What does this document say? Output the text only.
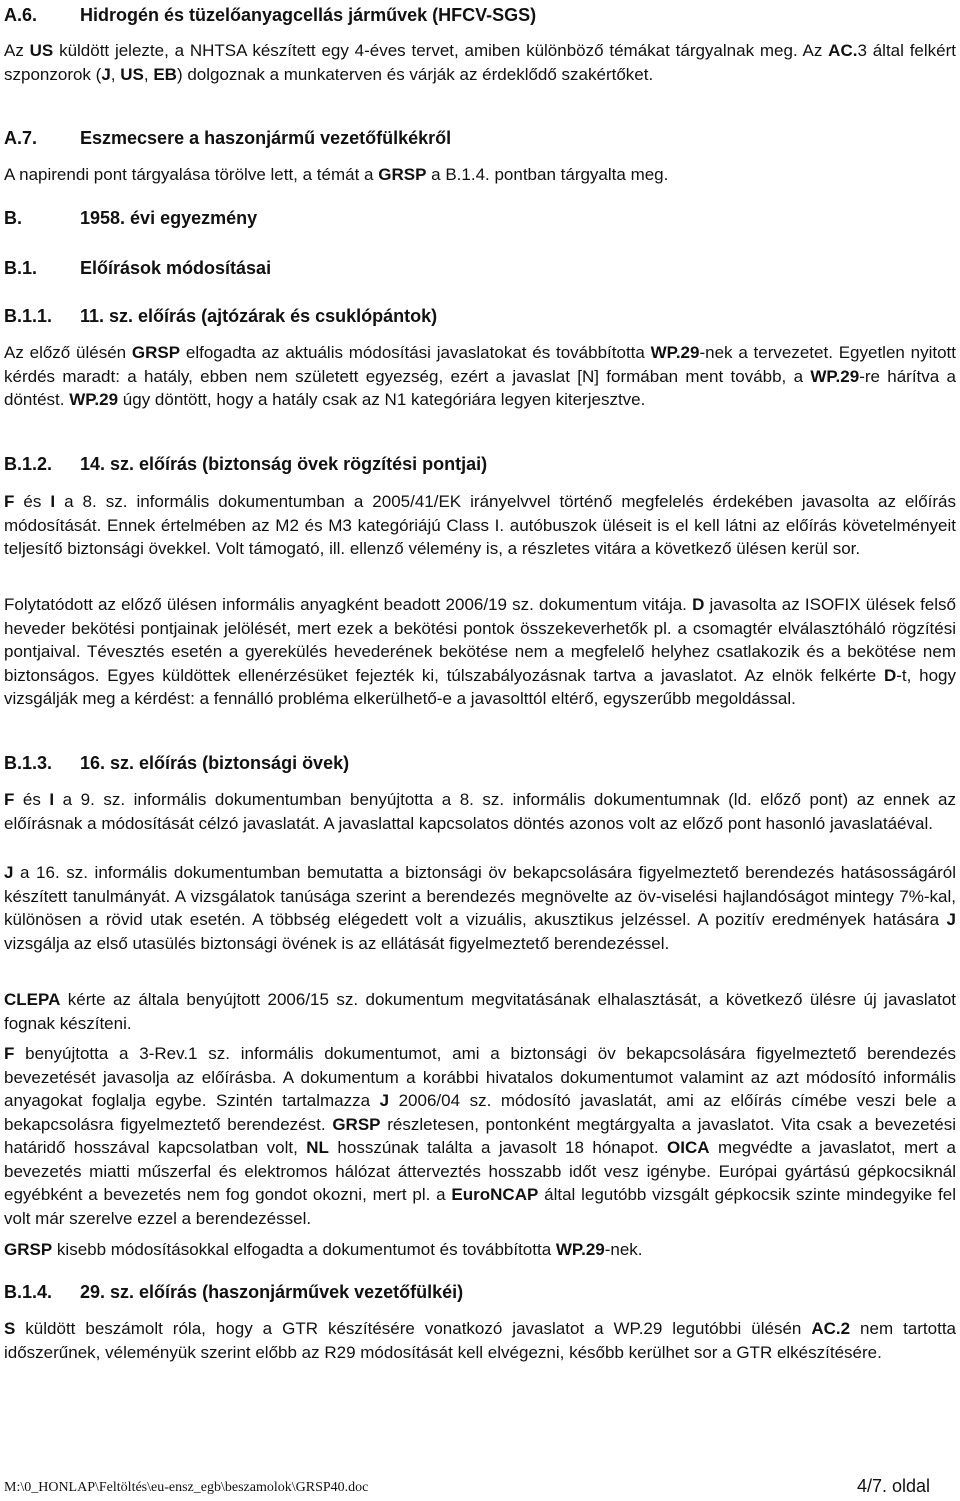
A.6. Hidrogén és tüzelőanyagcellás járművek (HFCV-SGS)
Az US küldött jelezte, a NHTSA készített egy 4-éves tervet, amiben különböző témákat tárgyalnak meg. Az AC.3 által felkért szponzorok (J, US, EB) dolgoznak a munkaterven és várják az érdeklődő szakértőket.
A.7. Eszmecsere a haszonjármű vezetőfülkékről
A napirendi pont tárgyalása törölve lett, a témát a GRSP a B.1.4. pontban tárgyalta meg.
B.	1958. évi egyezmény
B.1. Előírások módosításai
B.1.1. 11. sz. előírás (ajtózárak és csuklópántok)
Az előző ülésén GRSP elfogadta az aktuális módosítási javaslatokat és továbbította WP.29-nek a tervezetet. Egyetlen nyitott kérdés maradt: a hatály, ebben nem született egyezség, ezért a javaslat [N] formában ment tovább, a WP.29-re hárítva a döntést. WP.29 úgy döntött, hogy a hatály csak az N1 kategóriára legyen kiterjesztve.
B.1.2. 14. sz. előírás (biztonság övek rögzítési pontjai)
F és I a 8. sz. informális dokumentumban a 2005/41/EK irányelvvel történő megfelelés érdekében javasolta az előírás módosítását. Ennek értelmében az M2 és M3 kategóriájú Class I. autóbuszok üléseit is el kell látni az előírás követelményeit teljesítő biztonsági övekkel. Volt támogató, ill. ellenző vélemény is, a részletes vitára a következő ülésen kerül sor.
Folytatódott az előző ülésen informális anyagként beadott 2006/19 sz. dokumentum vitája. D javasolta az ISOFIX ülések felső heveder bekötési pontjainak jelölését, mert ezek a bekötési pontok összekeverhetők pl. a csomagtér elválasztóháló rögzítési pontjaival. Tévesztés esetén a gyerekülés hevederének bekötése nem a megfelelő helyhez csatlakozik és a bekötése nem biztonságos. Egyes küldöttek ellenérzésüket fejezték ki, túlszabályozásnak tartva a javaslatot. Az elnök felkérte D-t, hogy vizsgálják meg a kérdést: a fennálló probléma elkerülhető-e a javasolttól eltérő, egyszerűbb megoldással.
B.1.3. 16. sz. előírás (biztonsági övek)
F és I a 9. sz. informális dokumentumban benyújtotta a 8. sz. informális dokumentumnak (ld. előző pont) az ennek az előírásnak a módosítását célzó javaslatát. A javaslattal kapcsolatos döntés azonos volt az előző pont hasonló javaslatáéval.
J a 16. sz. informális dokumentumban bemutatta a biztonsági öv bekapcsolására figyelmeztető berendezés hatásosságáról készített tanulmányát. A vizsgálatok tanúsága szerint a berendezés megnövelte az öv-viselési hajlandóságot mintegy 7%-kal, különösen a rövid utak esetén. A többség elégedett volt a vizuális, akusztikus jelzéssel. A pozitív eredmények hatására J vizsgálja az első utasülés biztonsági övének is az ellátását figyelmeztető berendezéssel.
CLEPA kérte az általa benyújtott 2006/15 sz. dokumentum megvitatásának elhalasztását, a következő ülésre új javaslatot fognak készíteni.
F benyújtotta a 3-Rev.1 sz. informális dokumentumot, ami a biztonsági öv bekapcsolására figyelmeztető berendezés bevezetését javasolja az előírásba. A dokumentum a korábbi hivatalos dokumentumot valamint az azt módosító informális anyagokat foglalja egybe. Szintén tartalmazza J 2006/04 sz. módosító javaslatát, ami az előírás címébe veszi bele a bekapcsolásra figyelmeztető berendezést. GRSP részletesen, pontonként megtárgyalta a javaslatot. Vita csak a bevezetési határidő hosszával kapcsolatban volt, NL hosszúnak találta a javasolt 18 hónapot. OICA megvédte a javaslatot, mert a bevezetés miatti műszerfal és elektromos hálózat átterveztés hosszabb időt vesz igénybe. Európai gyártású gépkocsiknál egyébként a bevezetés nem fog gondot okozni, mert pl. a EuroNCAP által legutóbb vizsgált gépkocsik szinte mindegyike fel volt már szerelve ezzel a berendezéssel.
GRSP kisebb módosításokkal elfogadta a dokumentumot és továbbította WP.29-nek.
B.1.4. 29. sz. előírás (haszonjárművek vezetőfülkéi)
S küldött beszámolt róla, hogy a GTR készítésére vonatkozó javaslatot a WP.29 legutóbbi ülésén AC.2 nem tartotta időszerűnek, véleményük szerint előbb az R29 módosítását kell elvégezni, később kerülhet sor a GTR elkészítésére.
M:\0_HONLAP\Feltöltés\eu-ensz_egb\beszamolok\GRSP40.doc	4/7. oldal
